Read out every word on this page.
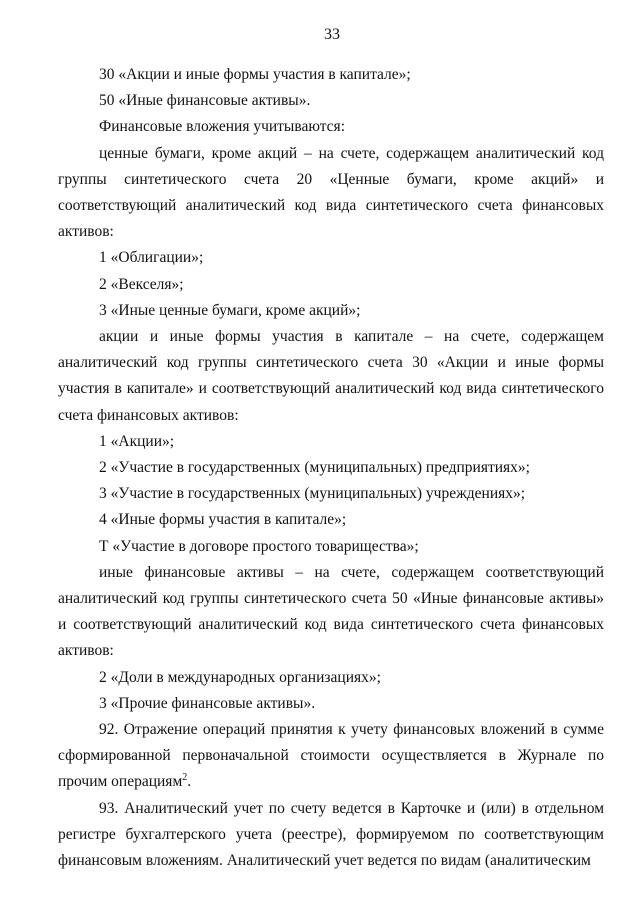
33

30 «Акции и иные формы участия в капитале»;

50 «Иные финансовые активы».

Финансовые вложения учитываются:

ценные бумаги, кроме акций – на счете, содержащем аналитический код группы синтетического счета 20 «Ценные бумаги, кроме акций» и соответствующий аналитический код вида синтетического счета финансовых активов:

1 «Облигации»;

2 «Векселя»;

3 «Иные ценные бумаги, кроме акций»;

акции и иные формы участия в капитале – на счете, содержащем аналитический код группы синтетического счета 30 «Акции и иные формы участия в капитале» и соответствующий аналитический код вида синтетического счета финансовых активов:

1 «Акции»;

2 «Участие в государственных (муниципальных) предприятиях»;

3 «Участие в государственных (муниципальных) учреждениях»;

4 «Иные формы участия в капитале»;

Т «Участие в договоре простого товарищества»;

иные финансовые активы – на счете, содержащем соответствующий аналитический код группы синтетического счета 50 «Иные финансовые активы» и соответствующий аналитический код вида синтетического счета финансовых активов:

2 «Доли в международных организациях»;

3 «Прочие финансовые активы».

92. Отражение операций принятия к учету финансовых вложений в сумме сформированной первоначальной стоимости осуществляется в Журнале по прочим операциям$^2$.

93. Аналитический учет по счету ведется в Карточке и (или) в отдельном регистре бухгалтерского учета (реестре), формируемом по соответствующим финансовым вложениям. Аналитический учет ведется по видам (аналитическим
